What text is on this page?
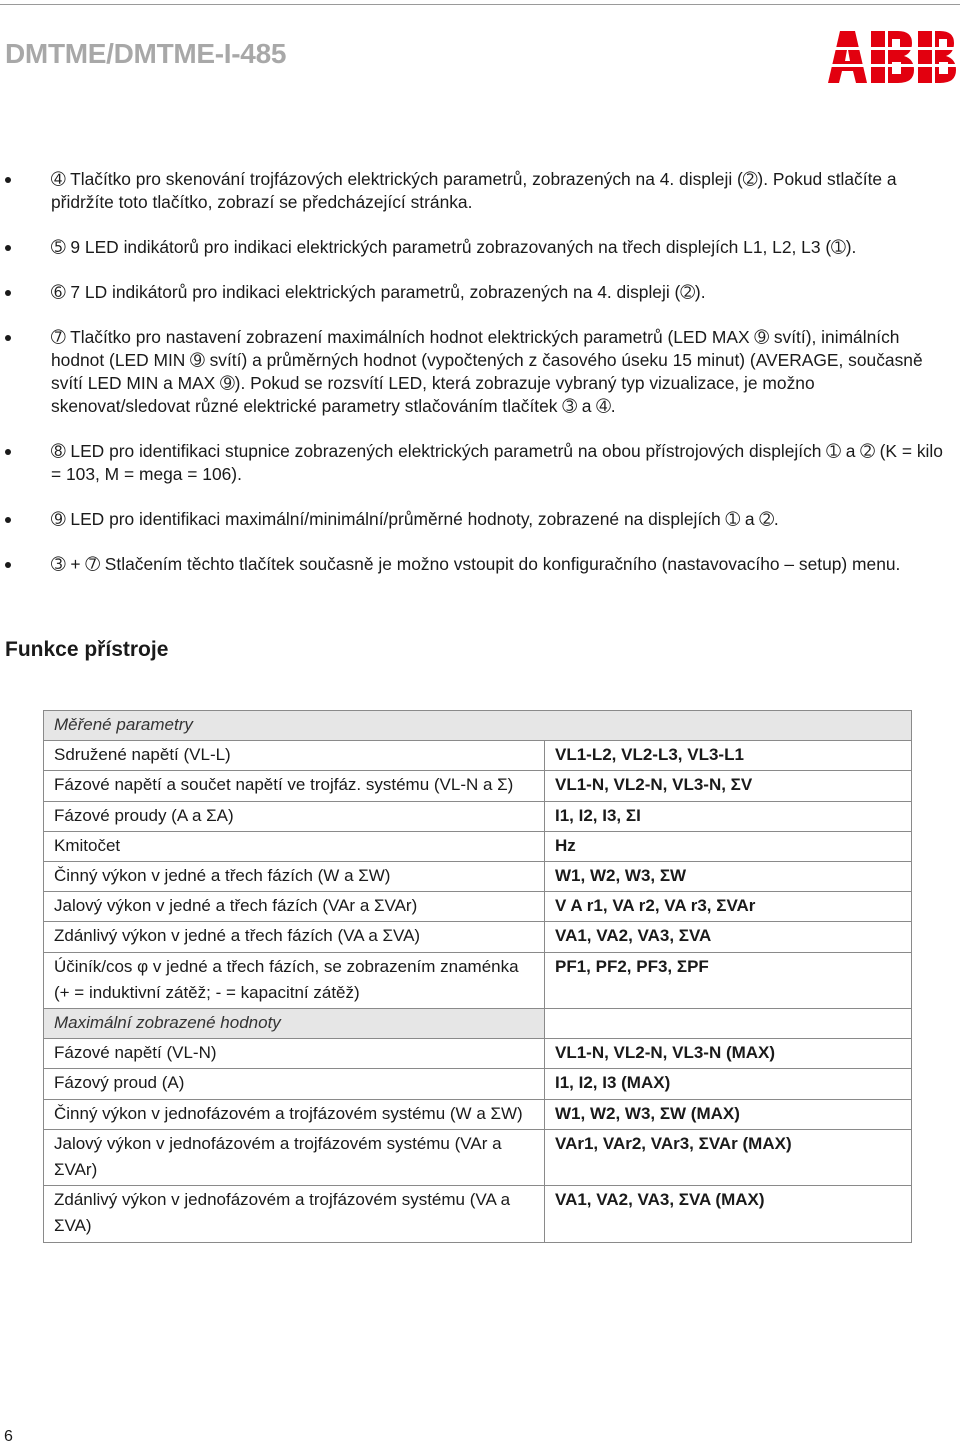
DMTME/DMTME-I-485
➃ Tlačítko pro skenování trojfázových elektrických parametrů, zobrazených na 4. displeji (➁). Pokud stlačíte a přidržíte toto tlačítko, zobrazí se předcházející stránka.
➄ 9 LED indikátorů pro indikaci elektrických parametrů zobrazovaných na třech displejích L1, L2, L3 (➀).
➅ 7 LD indikátorů pro indikaci elektrických parametrů, zobrazených na 4. displeji (➁).
➆ Tlačítko pro nastavení zobrazení maximálních hodnot elektrických parametrů (LED MAX ➈ svítí), inimálních hodnot (LED MIN ➈ svítí) a průměrných hodnot (vypočtených z časového úseku 15 minut) (AVERAGE, současně svítí LED MIN a MAX ➈). Pokud se rozsvítí LED, která zobrazuje vybraný typ vizualizace, je možno skenovat/sledovat různé elektrické parametry stlačováním tlačítek ➂ a ➃.
➇ LED pro identifikaci stupnice zobrazených elektrických parametrů na obou přístrojových displejích ➀ a ➁ (K = kilo = 103, M = mega = 106).
➈ LED pro identifikaci maximální/minimální/průměrné hodnoty, zobrazené na displejích ➀ a ➁.
➂ + ➆ Stlačením těchto tlačítek současně je možno vstoupit do konfiguračního (nastavovacího – setup) menu.
Funkce přístroje
Měřené parametry	
Sdružené napětí (VL-L)	VL1-L2, VL2-L3, VL3-L1
Fázové napětí a součet napětí ve trojfáz. systému (VL-N a Σ)	VL1-N, VL2-N, VL3-N, ΣV
Fázové proudy (A a ΣA)	I1, I2, I3, ΣI
Kmitočet	Hz
Činný výkon v jedné a třech fázích (W a ΣW)	W1, W2, W3, ΣW
Jalový výkon v jedné a třech fázích (VAr a ΣVAr)	V A r1, VA r2, VA r3, ΣVAr
Zdánlivý výkon v jedné a třech fázích (VA a ΣVA)	VA1, VA2, VA3, ΣVA
Účiník/cos φ v jedné a třech fázích, se zobrazením znaménka (+ = induktivní zátěž; - = kapacitní zátěž)	PF1, PF2, PF3, ΣPF
Maximální zobrazené hodnoty	
Fázové napětí (VL-N)	VL1-N, VL2-N, VL3-N (MAX)
Fázový proud (A)	I1, I2, I3 (MAX)
Činný výkon v jednofázovém a trojfázovém systému (W a ΣW)	W1, W2, W3, ΣW (MAX)
Jalový výkon v jednofázovém a trojfázovém systému (VAr a ΣVAr)	VAr1, VAr2, VAr3, ΣVAr (MAX)
Zdánlivý výkon v jednofázovém a trojfázovém systému (VA a ΣVA)	VA1, VA2, VA3, ΣVA (MAX)
6
